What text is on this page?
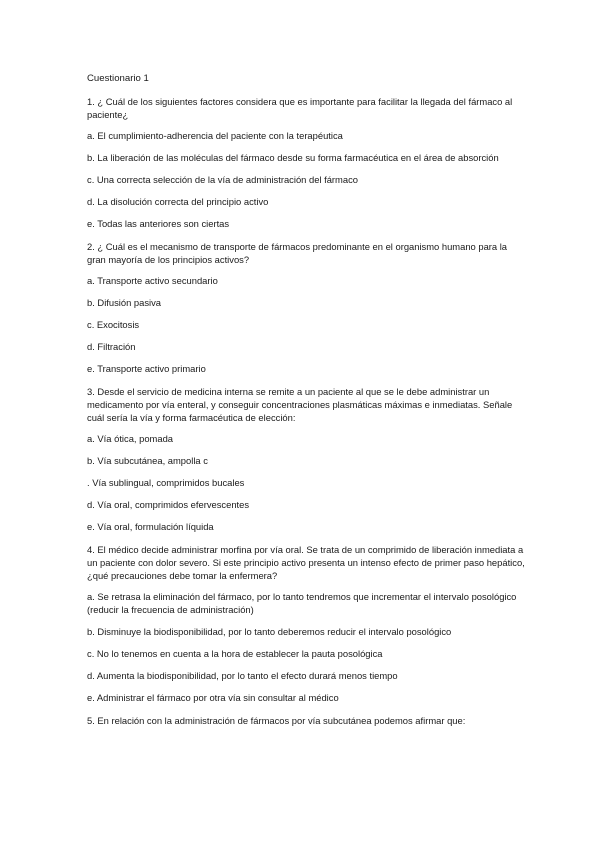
Cuestionario 1

1. ¿ Cuál de los siguientes factores considera que es importante para facilitar la llegada del fármaco al paciente¿

a. El cumplimiento-adherencia del paciente con la terapéutica

b. La liberación de las moléculas del fármaco desde su forma farmacéutica en el área de absorción

c. Una correcta selección de la vía de administración del fármaco

d. La disolución correcta del principio activo

e. Todas las anteriores son ciertas

2. ¿ Cuál es el mecanismo de transporte de fármacos predominante en el organismo humano para la gran mayoría de los principios activos?

a. Transporte activo secundario

b. Difusión pasiva

c. Exocitosis

d. Filtración

e. Transporte activo primario

3. Desde el servicio de medicina interna se remite a un paciente al que se le debe administrar un medicamento por vía enteral, y conseguir concentraciones plasmáticas máximas e inmediatas. Señale cuál sería la vía y forma farmacéutica de elección:

a. Vía ótica, pomada

b. Vía subcutánea, ampolla c

. Vía sublingual, comprimidos bucales

d. Vía oral, comprimidos efervescentes

e. Vía oral, formulación líquida

4. El médico decide administrar morfina por vía oral. Se trata de un comprimido de liberación inmediata a un paciente con dolor severo. Si este principio activo presenta un intenso efecto de primer paso hepático, ¿qué precauciones debe tomar la enfermera?

a. Se retrasa la eliminación del fármaco, por lo tanto tendremos que incrementar el intervalo posológico (reducir la frecuencia de administración)

b. Disminuye la biodisponibilidad, por lo tanto deberemos reducir el intervalo posológico

c. No lo tenemos en cuenta a la hora de establecer la pauta posológica

d. Aumenta la biodisponibilidad, por lo tanto el efecto durará menos tiempo

e. Administrar el fármaco por otra vía sin consultar al médico

5. En relación con la administración de fármacos por vía subcutánea podemos afirmar que:
